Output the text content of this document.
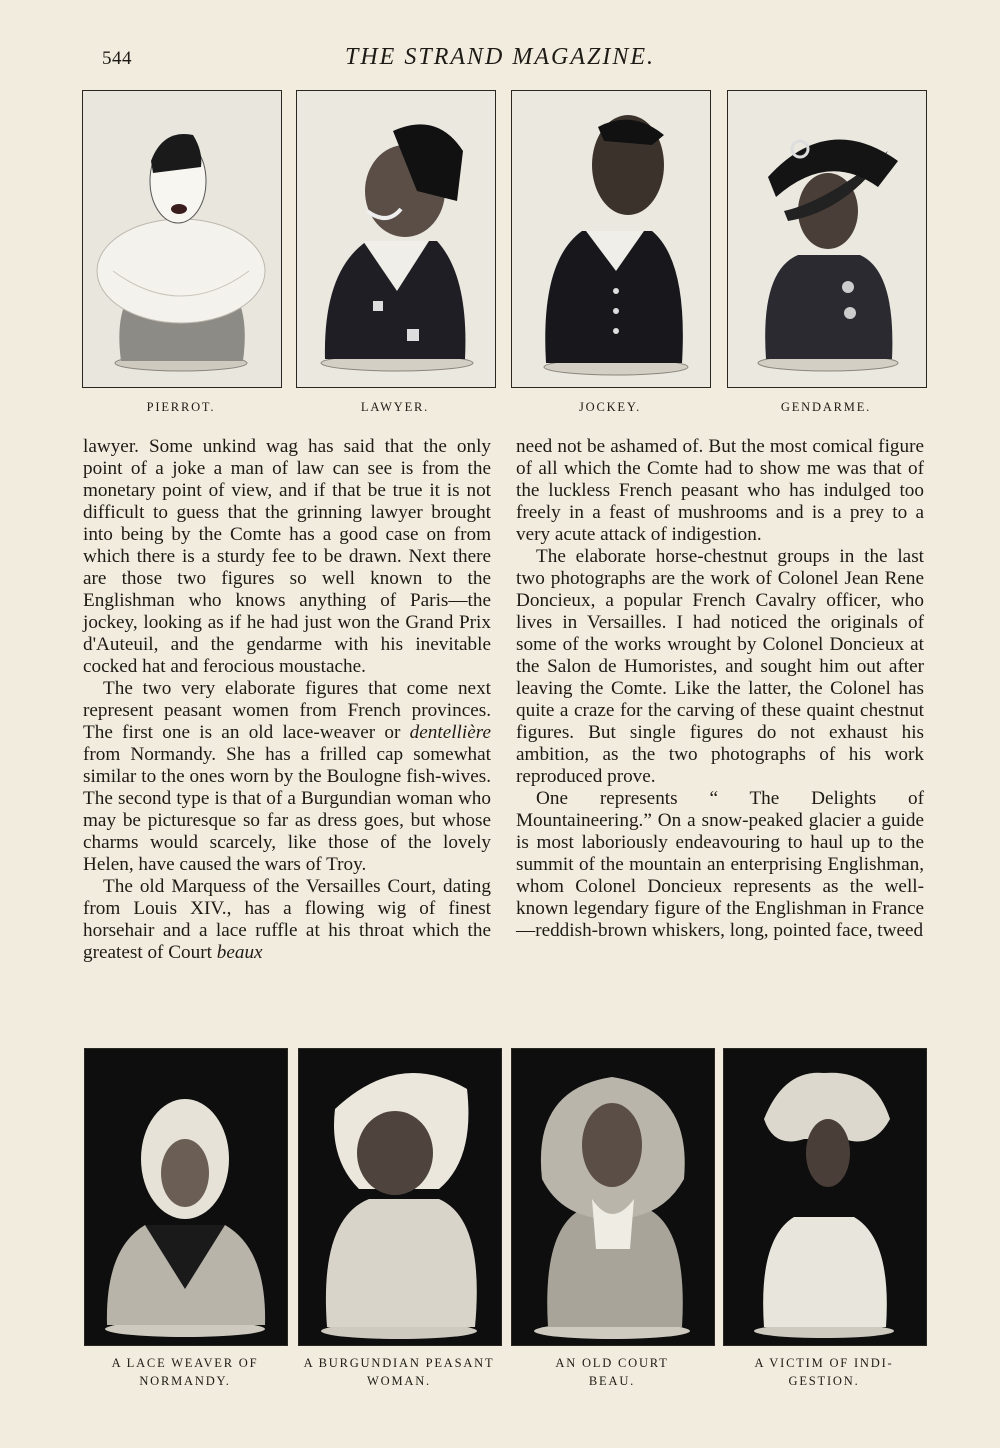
544	THE STRAND MAGAZINE.
PIERROT.	LAWYER.	JOCKEY.	GENDARME.

lawyer. Some unkind wag has said that the only point of a joke a man of law can see is from the monetary point of view, and if that be true it is not difficult to guess that the grinning lawyer brought into being by the Comte has a good case on from which there is a sturdy fee to be drawn. Next there are those two figures so well known to the Englishman who knows anything of Paris—the jockey, looking as if he had just won the Grand Prix d'Auteuil, and the gendarme with his inevitable cocked hat and ferocious moustache.

The two very elaborate figures that come next represent peasant women from French provinces. The first one is an old lace-weaver or dentellière from Normandy. She has a frilled cap somewhat similar to the ones worn by the Boulogne fish-wives. The second type is that of a Burgundian woman who may be picturesque so far as dress goes, but whose charms would scarcely, like those of the lovely Helen, have caused the wars of Troy.

The old Marquess of the Versailles Court, dating from Louis XIV., has a flowing wig of finest horsehair and a lace ruffle at his throat which the greatest of Court beaux

need not be ashamed of. But the most comical figure of all which the Comte had to show me was that of the luckless French peasant who has indulged too freely in a feast of mushrooms and is a prey to a very acute attack of indigestion.

The elaborate horse-chestnut groups in the last two photographs are the work of Colonel Jean Rene Doncieux, a popular French Cavalry officer, who lives in Versailles. I had noticed the originals of some of the works wrought by Colonel Doncieux at the Salon de Humoristes, and sought him out after leaving the Comte. Like the latter, the Colonel has quite a craze for the carving of these quaint chestnut figures. But single figures do not exhaust his ambition, as the two photographs of his work reproduced prove.

One represents “ The Delights of Mountaineering.” On a snow-peaked glacier a guide is most laboriously endeavouring to haul up to the summit of the mountain an enterprising Englishman, whom Colonel Doncieux represents as the well-known legendary figure of the Englishman in France—reddish-brown whiskers, long, pointed face, tweed

A LACE WEAVER OF
NORMANDY.
A BURGUNDIAN PEASANT
WOMAN.
AN OLD COURT
BEAU.
A VICTIM OF INDI-
GESTION.
